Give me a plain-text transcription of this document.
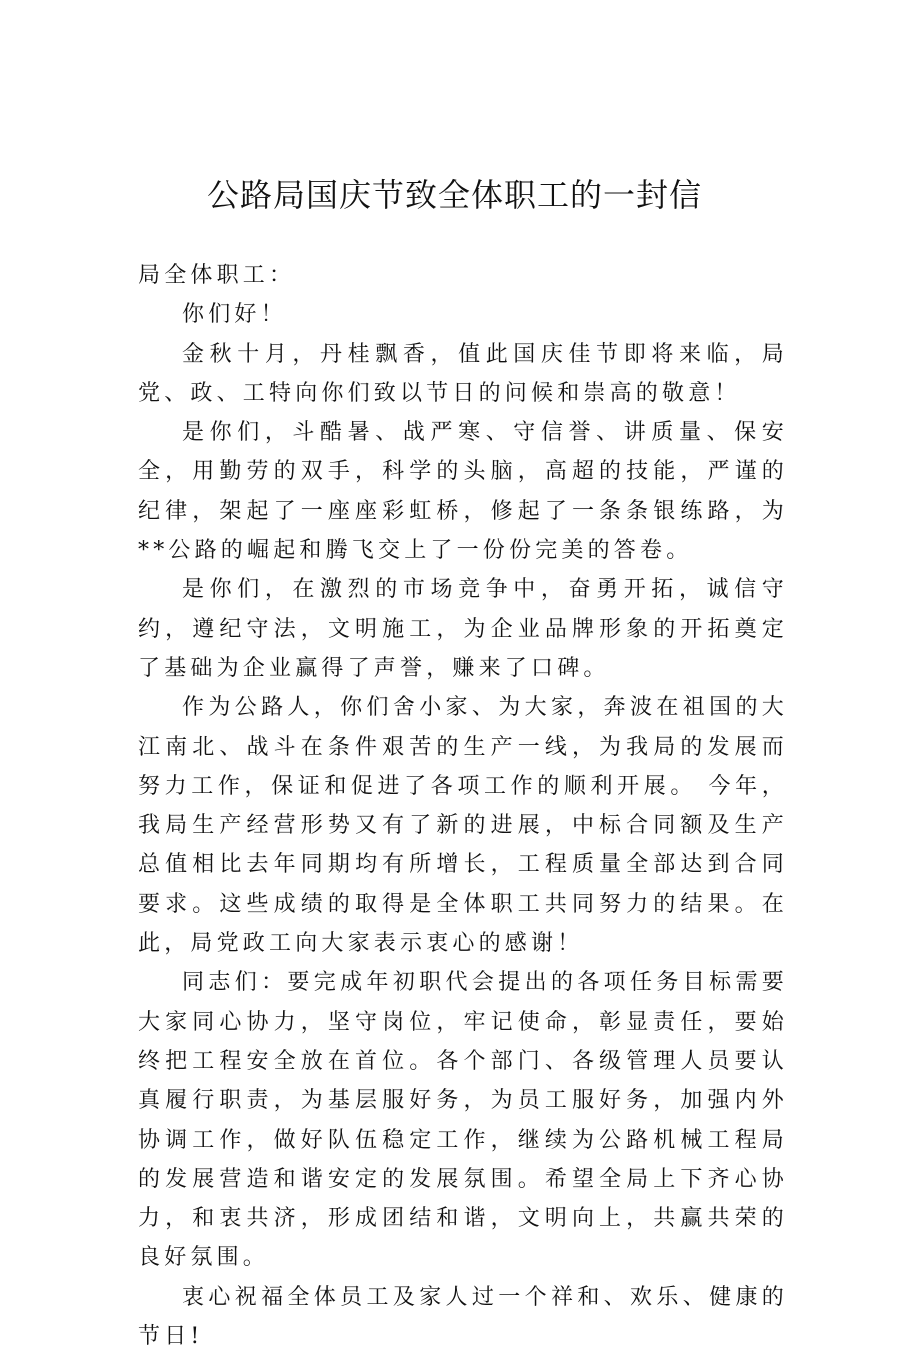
公路局国庆节致全体职工的一封信

局全体职工：

你们好！

金秋十月，丹桂飘香，值此国庆佳节即将来临，局党、政、工特向你们致以节日的问候和崇高的敬意！

是你们，斗酷暑、战严寒、守信誉、讲质量、保安全，用勤劳的双手，科学的头脑，高超的技能，严谨的纪律，架起了一座座彩虹桥，修起了一条条银练路，为**公路的崛起和腾飞交上了一份份完美的答卷。

是你们，在激烈的市场竞争中，奋勇开拓，诚信守约，遵纪守法，文明施工，为企业品牌形象的开拓奠定了基础为企业赢得了声誉，赚来了口碑。

作为公路人，你们舍小家、为大家，奔波在祖国的大江南北、战斗在条件艰苦的生产一线，为我局的发展而努力工作，保证和促进了各项工作的顺利开展。 今年，我局生产经营形势又有了新的进展，中标合同额及生产总值相比去年同期均有所增长，工程质量全部达到合同要求。这些成绩的取得是全体职工共同努力的结果。在此，局党政工向大家表示衷心的感谢！

同志们：要完成年初职代会提出的各项任务目标需要大家同心协力，坚守岗位，牢记使命，彰显责任，要始终把工程安全放在首位。各个部门、各级管理人员要认真履行职责，为基层服好务，为员工服好务，加强内外协调工作，做好队伍稳定工作，继续为公路机械工程局的发展营造和谐安定的发展氛围。希望全局上下齐心协力，和衷共济，形成团结和谐，文明向上，共赢共荣的良好氛围。

衷心祝福全体员工及家人过一个祥和、欢乐、健康的节日!
